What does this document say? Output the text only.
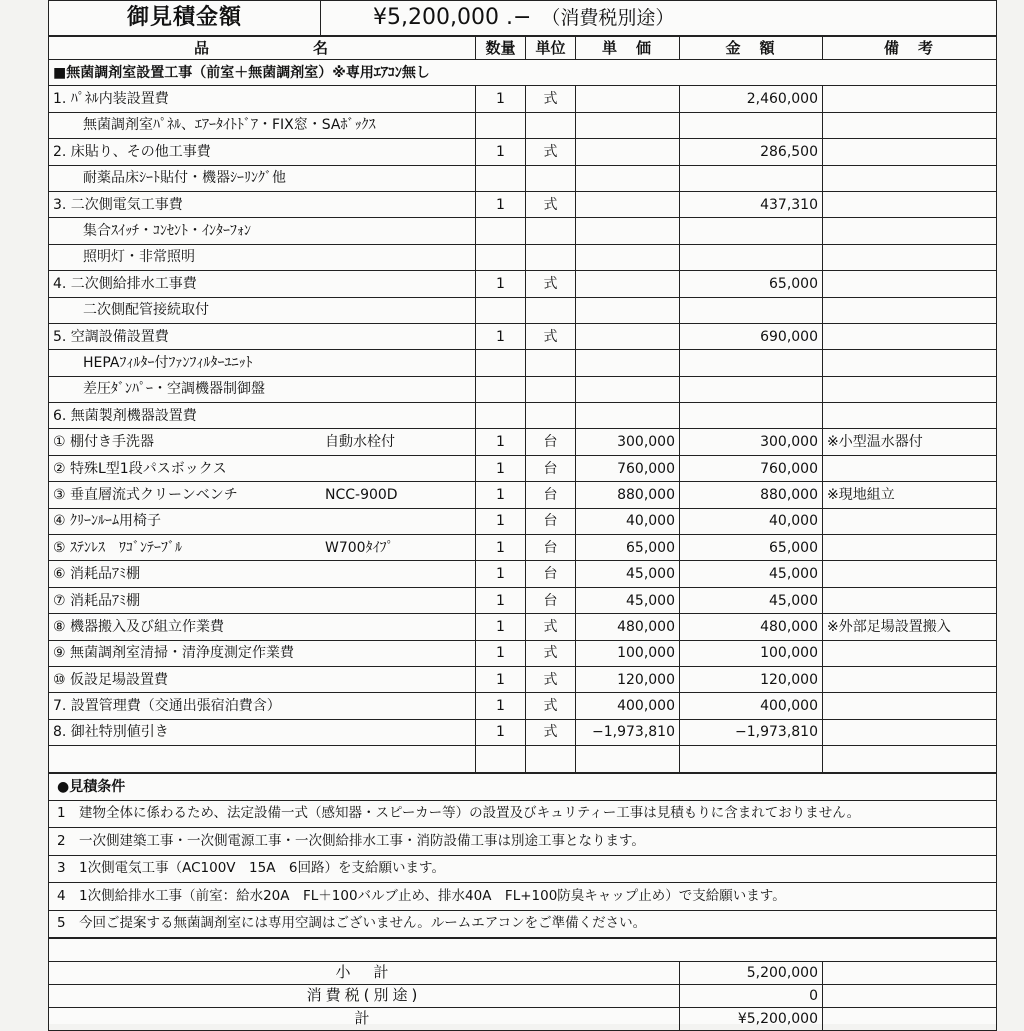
御見積金額	¥5,200,000 .− （消費税別途）
品　　　　　　名	数量	単位	単　価	金　額	備　考
■無菌調剤室設置工事（前室＋無菌調剤室）※専用ｴｱｺﾝ無し					
1. ﾊﾟﾈﾙ内装設置費	1	式		2,460,000	
無菌調剤室ﾊﾟﾈﾙ、ｴｱｰﾀｲﾄﾄﾞｱ・FIX窓・SAﾎﾞｯｸｽ					
2. 床貼り、その他工事費	1	式		286,500	
耐薬品床ｼｰﾄ貼付・機器ｼｰﾘﾝｸﾞ他					
3. 二次側電気工事費	1	式		437,310	
集合ｽｲｯﾁ・ｺﾝｾﾝﾄ・ｲﾝﾀｰﾌｫﾝ					
照明灯・非常照明					
4. 二次側給排水工事費	1	式		65,000	
二次側配管接続取付					
5. 空調設備設置費	1	式		690,000	
HEPAﾌｨﾙﾀｰ付ﾌｧﾝﾌｨﾙﾀｰﾕﾆｯﾄ					
差圧ﾀﾞﾝﾊﾟｰ・空調機器制御盤					
6. 無菌製剤機器設置費					
① 棚付き手洗器 自動水栓付	1	台	300,000	300,000	※小型温水器付
② 特殊L型1段パスボックス	1	台	760,000	760,000	
③ 垂直層流式クリーンベンチ NCC-900D	1	台	880,000	880,000	※現地組立
④ ｸﾘｰﾝﾙｰﾑ用椅子	1	台	40,000	40,000	
⑤ ｽﾃﾝﾚｽ　ﾜｺﾞﾝﾃｰﾌﾞﾙ W700ﾀｲﾌﾟ	1	台	65,000	65,000	
⑥ 消耗品ｱﾐ棚	1	台	45,000	45,000	
⑦ 消耗品ｱﾐ棚	1	台	45,000	45,000	
⑧ 機器搬入及び組立作業費	1	式	480,000	480,000	※外部足場設置搬入
⑨ 無菌調剤室清掃・清浄度測定作業費	1	式	100,000	100,000	
⑩ 仮設足場設置費	1	式	120,000	120,000	
7. 設置管理費（交通出張宿泊費含）	1	式	400,000	400,000	
8. 御社特別値引き	1	式	−1,973,810	−1,973,810	

●見積条件
1 建物全体に係わるため、法定設備一式（感知器・スピーカー等）の設置及びキュリティー工事は見積もりに含まれておりません。
2 一次側建築工事・一次側電源工事・一次側給排水工事・消防設備工事は別途工事となります。
3 1次側電気工事（AC100V　15A　6回路）を支給願います。
4 1次側給排水工事（前室：給水20A　FL＋100バルブ止め、排水40A　FL+100防臭キャップ止め）で支給願います。
5 今回ご提案する無菌調剤室には専用空調はございません。ルームエアコンをご準備ください。

小　計	5,200,000	
消費税(別途)	0	
計	¥5,200,000	
